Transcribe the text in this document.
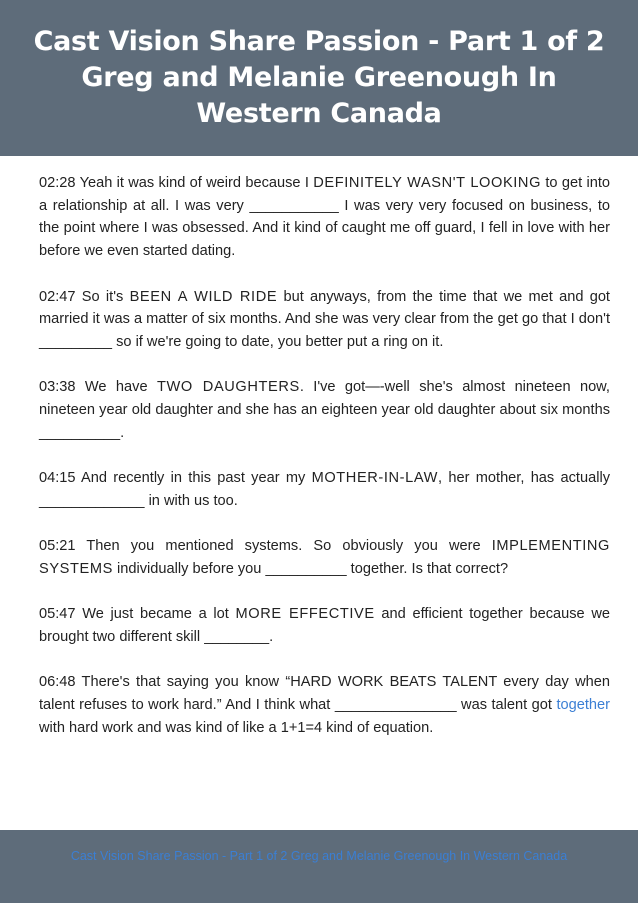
Cast Vision Share Passion - Part 1 of 2 Greg and Melanie Greenough In Western Canada

02:28 Yeah it was kind of weird because I DEFINITELY WASN'T LOOKING to get into a relationship at all. I was very ___________ I was very very focused on business, to the point where I was obsessed. And it kind of caught me off guard, I fell in love with her before we even started dating.

02:47 So it's BEEN A WILD RIDE but anyways, from the time that we met and got married it was a matter of six months. And she was very clear from the get go that I don't _________ so if we're going to date, you better put a ring on it.

03:38 We have TWO DAUGHTERS. I've got—-well she's almost nineteen now, nineteen year old daughter and she has an eighteen year old daughter about six months __________.

04:15 And recently in this past year my MOTHER-IN-LAW, her mother, has actually _____________ in with us too.

05:21 Then you mentioned systems. So obviously you were IMPLEMENTING SYSTEMS individually before you __________ together. Is that correct?

05:47 We just became a lot MORE EFFECTIVE and efficient together because we brought two different skill ________.

06:48 There's that saying you know “HARD WORK BEATS TALENT every day when talent refuses to work hard.” And I think what _______________ was talent got together with hard work and was kind of like a 1+1=4 kind of equation.

Cast Vision Share Passion - Part 1 of 2 Greg and Melanie Greenough In Western Canada
